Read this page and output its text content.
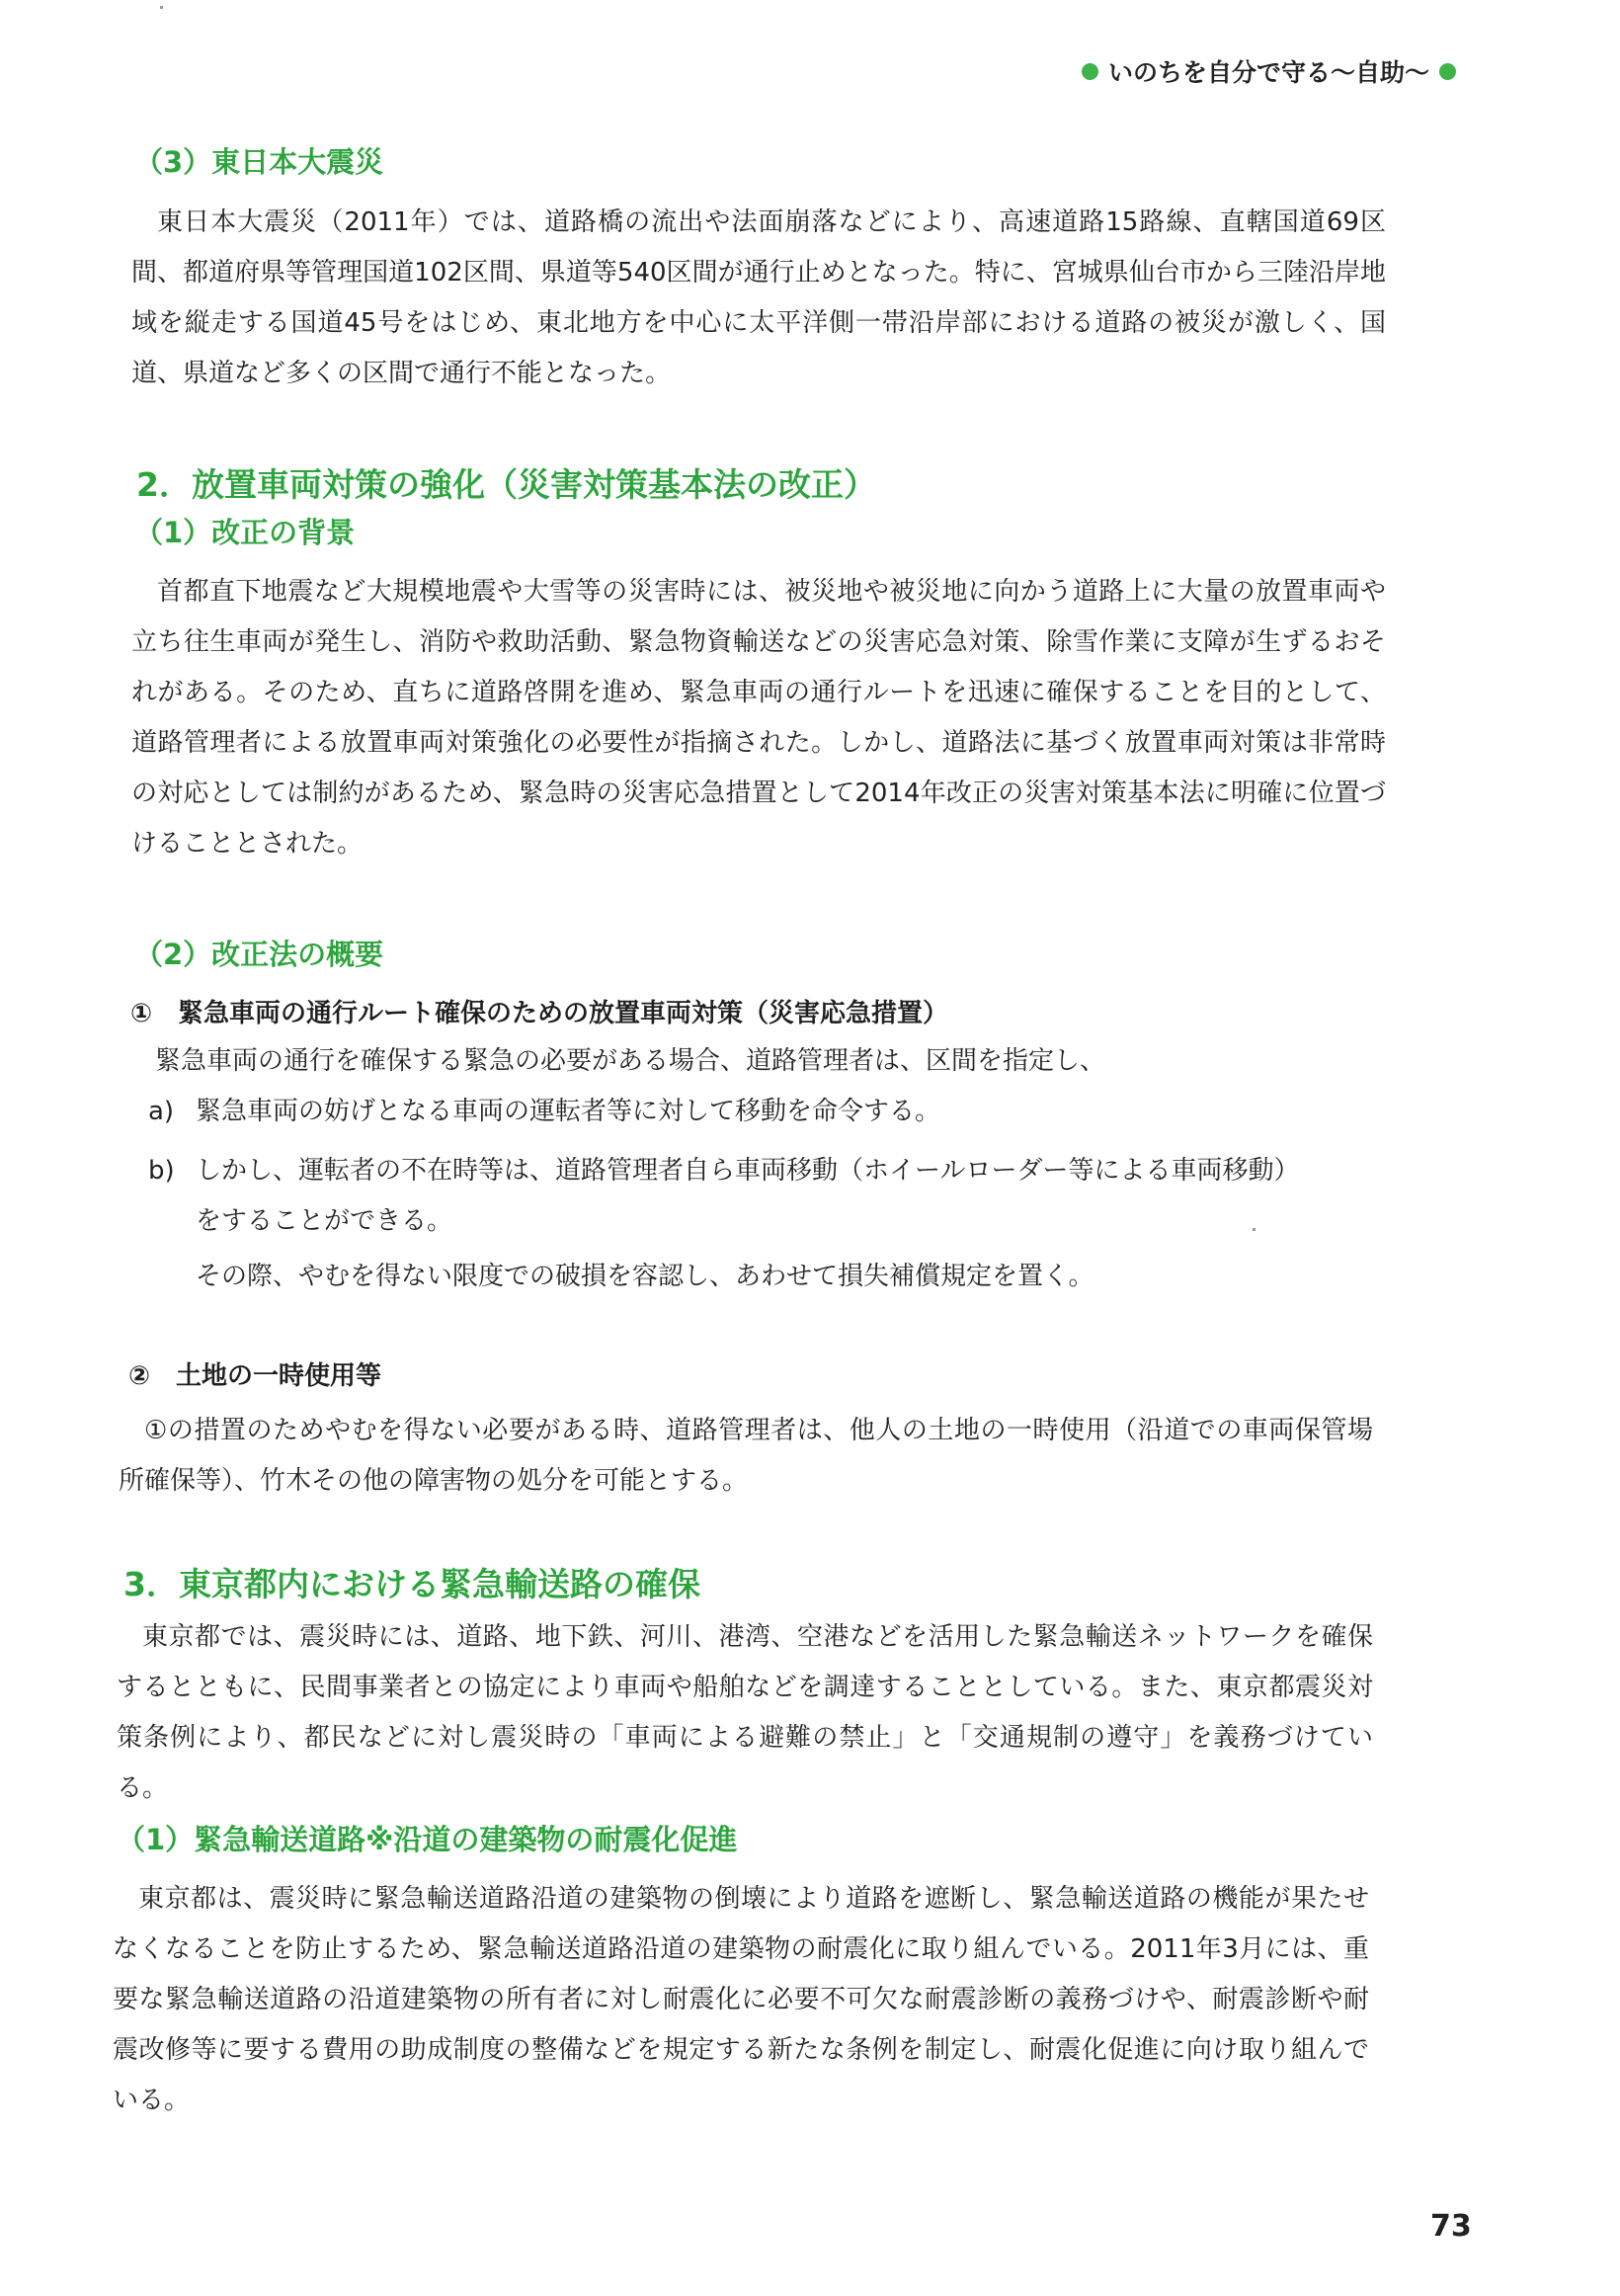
いのちを自分で守る〜自助〜
（3）東日本大震災
東日本大震災（2011年）では、道路橋の流出や法面崩落などにより、高速道路15路線、直轄国道69区間、都道府県等管理国道102区間、県道等540区間が通行止めとなった。特に、宮城県仙台市から三陸沿岸地域を縦走する国道45号をはじめ、東北地方を中心に太平洋側一帯沿岸部における道路の被災が激しく、国道、県道など多くの区間で通行不能となった。
2．放置車両対策の強化（災害対策基本法の改正）
（1）改正の背景
首都直下地震など大規模地震や大雪等の災害時には、被災地や被災地に向かう道路上に大量の放置車両や立ち往生車両が発生し、消防や救助活動、緊急物資輸送などの災害応急対策、除雪作業に支障が生ずるおそれがある。そのため、直ちに道路啓開を進め、緊急車両の通行ルートを迅速に確保することを目的として、道路管理者による放置車両対策強化の必要性が指摘された。しかし、道路法に基づく放置車両対策は非常時の対応としては制約があるため、緊急時の災害応急措置として2014年改正の災害対策基本法に明確に位置づけることとされた。
（2）改正法の概要
①　緊急車両の通行ルート確保のための放置車両対策（災害応急措置）
緊急車両の通行を確保する緊急の必要がある場合、道路管理者は、区間を指定し、
a) 緊急車両の妨げとなる車両の運転者等に対して移動を命令する。
b) しかし、運転者の不在時等は、道路管理者自ら車両移動（ホイールローダー等による車両移動）
をすることができる。
その際、やむを得ない限度での破損を容認し、あわせて損失補償規定を置く。
②　土地の一時使用等
①の措置のためやむを得ない必要がある時、道路管理者は、他人の土地の一時使用（沿道での車両保管場所確保等）、竹木その他の障害物の処分を可能とする。
3．東京都内における緊急輸送路の確保
東京都では、震災時には、道路、地下鉄、河川、港湾、空港などを活用した緊急輸送ネットワークを確保するとともに、民間事業者との協定により車両や船舶などを調達することとしている。また、東京都震災対策条例により、都民などに対し震災時の「車両による避難の禁止」と「交通規制の遵守」を義務づけている。
（1）緊急輸送道路※沿道の建築物の耐震化促進
東京都は、震災時に緊急輸送道路沿道の建築物の倒壊により道路を遮断し、緊急輸送道路の機能が果たせなくなることを防止するため、緊急輸送道路沿道の建築物の耐震化に取り組んでいる。2011年3月には、重要な緊急輸送道路の沿道建築物の所有者に対し耐震化に必要不可欠な耐震診断の義務づけや、耐震診断や耐震改修等に要する費用の助成制度の整備などを規定する新たな条例を制定し、耐震化促進に向け取り組んでいる。
73
